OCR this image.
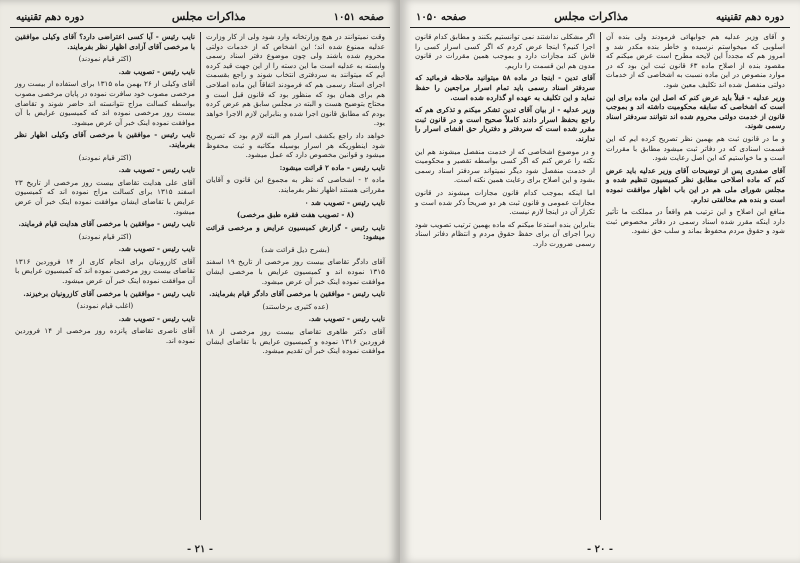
صفحه ۱۰۵۱
مذاکرات مجلس
دوره دهم تقنینیه

وقت نمیتوانند در هیچ وزارتخانه وارد شود ولی از کار وزارت عدلیه ممنوع شده اند؛ این اشخاص که از خدمات دولتی محروم شده باشند ولی چون موضوع دفتر اسناد رسمی وابسته به عدلیه است ما این دسته را از این جهت قید کرده ایم که میتوانند به سردفتری انتخاب شوند و راجع بقسمت اجرای استاد رسمی هم که فرمودند اتفاقاً این ماده اصلاحی هم برای همان بود که منظور بود که قانون قبل است و محتاج بتوضیح هست و البته در مجلس سابق هم عرض کرده بودم که مطابق قانون اجرا شده و بنابراین لازم الاجرا خواهد بود.

خواهد داد راجع بکشف اسرار هم البته لازم بود که تصریح شود اینطوریکه هر اسرار بوسیله مکاتبه و ثبت محفوظ میشود و قوانین مخصوص دارد که عمل میشود.

نایب رئیس - ماده ۲ قرائت میشود:

ماده ۲ - اشخاصی که نظر به مجموع این قانون و آقایان مقرراتی هستند اظهار نظر بفرمایند.

نایب رئیس - تصویب شد ۰

(۸ - تصویب هفت فقره طبق مرخصی)

نایب رئیس - گزارش کمیسیون عرایض و مرخصی قرائت میشود:

(بشرح ذیل قرائت شد)

آقای دادگر تقاضای بیست روز مرخصی از تاریخ ۱۹ اسفند ۱۳۱۵ نموده اند و کمیسیون عرایض با مرخصی ایشان موافقت نموده اینک خبر آن عرض میشود.

نایب رئیس - موافقین با مرخصی آقای دادگر قیام بفرمایند.

(عده کثیری برخاستند)

نایب رئیس - تصویب شد.

آقای دکتر طاهری تقاضای بیست روز مرخصی از ۱۸ فروردین ۱۳۱۶ نموده و کمیسیون عرایض با تقاضای ایشان موافقت نموده اینک خبر آن تقدیم میشود.

نایب رئیس - آیا کسی اعتراضی دارد؟ آقای وکیلی موافقین با مرخصی آقای آزادی اظهار نظر بفرمایند.

(اکثر قیام نمودند)

نایب رئیس - تصویب شد.

آقای وکیلی از ۲۶ بهمن ماه ۱۳۱۵ برای استفاده از بیست روز مرخصی مصوب خود سافرت نموده در پایان مرخصی مصوب بواسطه کسالت مزاج نتوانسته اند حاضر شوند و تقاضای بیست روز مرخصی نموده اند که کمیسیون عرایض با آن موافقت نموده اینک خبر آن عرض میشود.

نایب رئیس - موافقین با مرخصی آقای وکیلی اظهار نظر بفرمایند.

(اکثر قیام نمودند)

نایب رئیس - تصویب شد.

آقای علی هدایت تقاضای بیست روز مرخصی از تاریخ ۲۳ اسفند ۱۳۱۵ برای کسالت مزاج نموده اند که کمیسیون عرایض با تقاضای ایشان موافقت نموده اینک خبر آن عرض میشود.

نایب رئیس - موافقین با مرخصی آقای هدایت قیام فرمایند.

(اکثر قیام نمودند)

نایب رئیس - تصویب شد.

آقای کازرونیان برای انجام کاری از ۱۴ فروردین ۱۳۱۶ تقاضای بیست روز مرخصی نموده اند که کمیسیون عرایض با آن موافقت نموده اینک خبر آن عرض میشود.

نایب رئیس - موافقین با مرخصی آقای کازرونیان برخیزند.

(اغلب قیام نمودند)

نایب رئیس - تصویب شد.

آقای ناصری تقاضای پانزده روز مرخصی از ۱۴ فروردین نموده اند.

- ۲۱ -
دوره دهم تقنینیه
مذاکرات مجلس
صفحه ۱۰۵۰

و آقای وزیر عدلیه هم جوابهائی فرمودند ولی بنده آن اسلوبی که میخواستم نرسیده و خاطر بنده مکدر شد و امروز هم که مجدداً این لایحه مطرح است عرض میکنم که مقصود بنده از اصلاح ماده ۶۳ قانون ثبت این بود که در موارد منصوص در این ماده نسبت به اشخاصی که از خدمات دولتی منفصل شده اند تکلیف معین شود.

وزیر عدلیه - قبلاً باید عرض کنم که اصل این ماده برای این است که اشخاصی که سابقه محکومیت داشته اند و بموجب قانون از خدمت دولتی محروم شده اند نتوانند سردفتر اسناد رسمی شوند.

و ما در قانون ثبت هم بهمین نظر تصریح کرده ایم که این قسمت اسنادی که در دفاتر ثبت میشود مطابق با مقررات است و ما خواستیم که این اصل رعایت شود.

آقای صفدری پس از توضیحات آقای وزیر عدلیه باید عرض کنم که ماده اصلاحی مطابق نظر کمیسیون تنظیم شده و مجلس شورای ملی هم در این باب اظهار موافقت نموده است و بنده هم مخالفتی ندارم.

منافع این اصلاح و این ترتیب هم واقعاً در مملکت ما تأثیر دارد اینکه مقرر شده اسناد رسمی در دفاتر مخصوص ثبت شود و حقوق مردم محفوظ بماند و سلب حق نشود.

اگر مشکلی نداشتند نمی توانستیم بکنند و مطابق کدام قانون اجرا کنیم؟ اینجا عرض کردم که اگر کسی اسرار کسی را فاش کند مجازات دارد و بموجب همین مقررات در قانون مدون هم این قسمت را داریم.

آقای تدین - اینجا در ماده ۵۸ میتوانید ملاحظه فرمائید که سردفتر اسناد رسمی باید تمام اسرار مراجعین را حفظ نماید و این تکلیف به عهده او گذارده شده است.

وزیر عدلیه - از بیان آقای تدین تشکر میکنم و تذکری هم که راجع بحفظ اسرار دادند کاملاً صحیح است و در قانون ثبت مقرر شده است که سردفتر و دفتریار حق افشای اسرار را ندارند.

و در موضوع اشخاصی که از خدمت منفصل میشوند هم این نکته را عرض کنم که اگر کسی بواسطه تقصیر و محکومیت از خدمت منفصل شود دیگر نمیتواند سردفتر اسناد رسمی بشود و این اصلاح برای رعایت همین نکته است.

اما اینکه بموجب کدام قانون مجازات میشوند در قانون مجازات عمومی و قانون ثبت هر دو صریحاً ذکر شده است و تکرار آن در اینجا لازم نیست.

بنابراین بنده استدعا میکنم که ماده بهمین ترتیب تصویب شود زیرا اجرای آن برای حفظ حقوق مردم و انتظام دفاتر اسناد رسمی ضرورت دارد.

- ۲۰ -
